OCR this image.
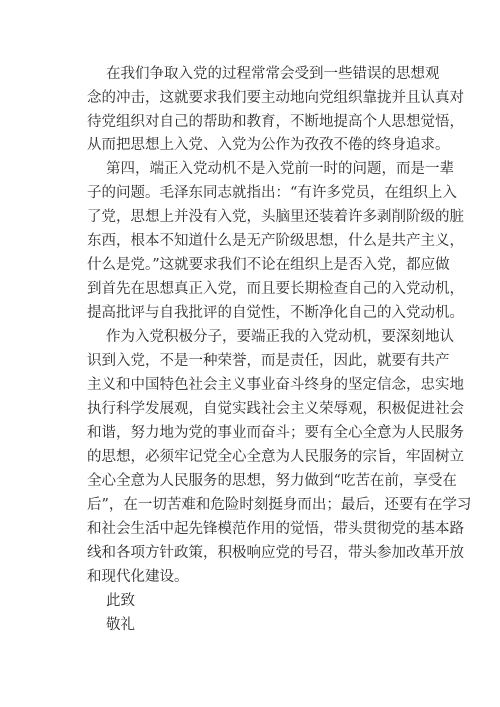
在我们争取入党的过程常常会受到一些错误的思想观
念的冲击，这就要求我们要主动地向党组织靠拢并且认真对
待党组织对自己的帮助和教育，不断地提高个人思想觉悟，
从而把思想上入党、入党为公作为孜孜不倦的终身追求。
第四，端正入党动机不是入党前一时的问题，而是一辈
子的问题。毛泽东同志就指出：“有许多党员，在组织上入
了党，思想上并没有入党，头脑里还装着许多剥削阶级的脏
东西，根本不知道什么是无产阶级思想，什么是共产主义，
什么是党。”这就要求我们不论在组织上是否入党，都应做
到首先在思想真正入党，而且要长期检查自己的入党动机，
提高批评与自我批评的自觉性，不断净化自己的入党动机。
作为入党积极分子，要端正我的入党动机，要深刻地认
识到入党，不是一种荣誉，而是责任，因此，就要有共产
主义和中国特色社会主义事业奋斗终身的坚定信念，忠实地
执行科学发展观，自觉实践社会主义荣辱观，积极促进社会
和谐，努力地为党的事业而奋斗；要有全心全意为人民服务
的思想，必须牢记党全心全意为人民服务的宗旨，牢固树立
全心全意为人民服务的思想，努力做到“吃苦在前，享受在
后”，在一切苦难和危险时刻挺身而出；最后，还要有在学习
和社会生活中起先锋模范作用的觉悟，带头贯彻党的基本路
线和各项方针政策，积极响应党的号召，带头参加改革开放
和现代化建设。
此致
敬礼
